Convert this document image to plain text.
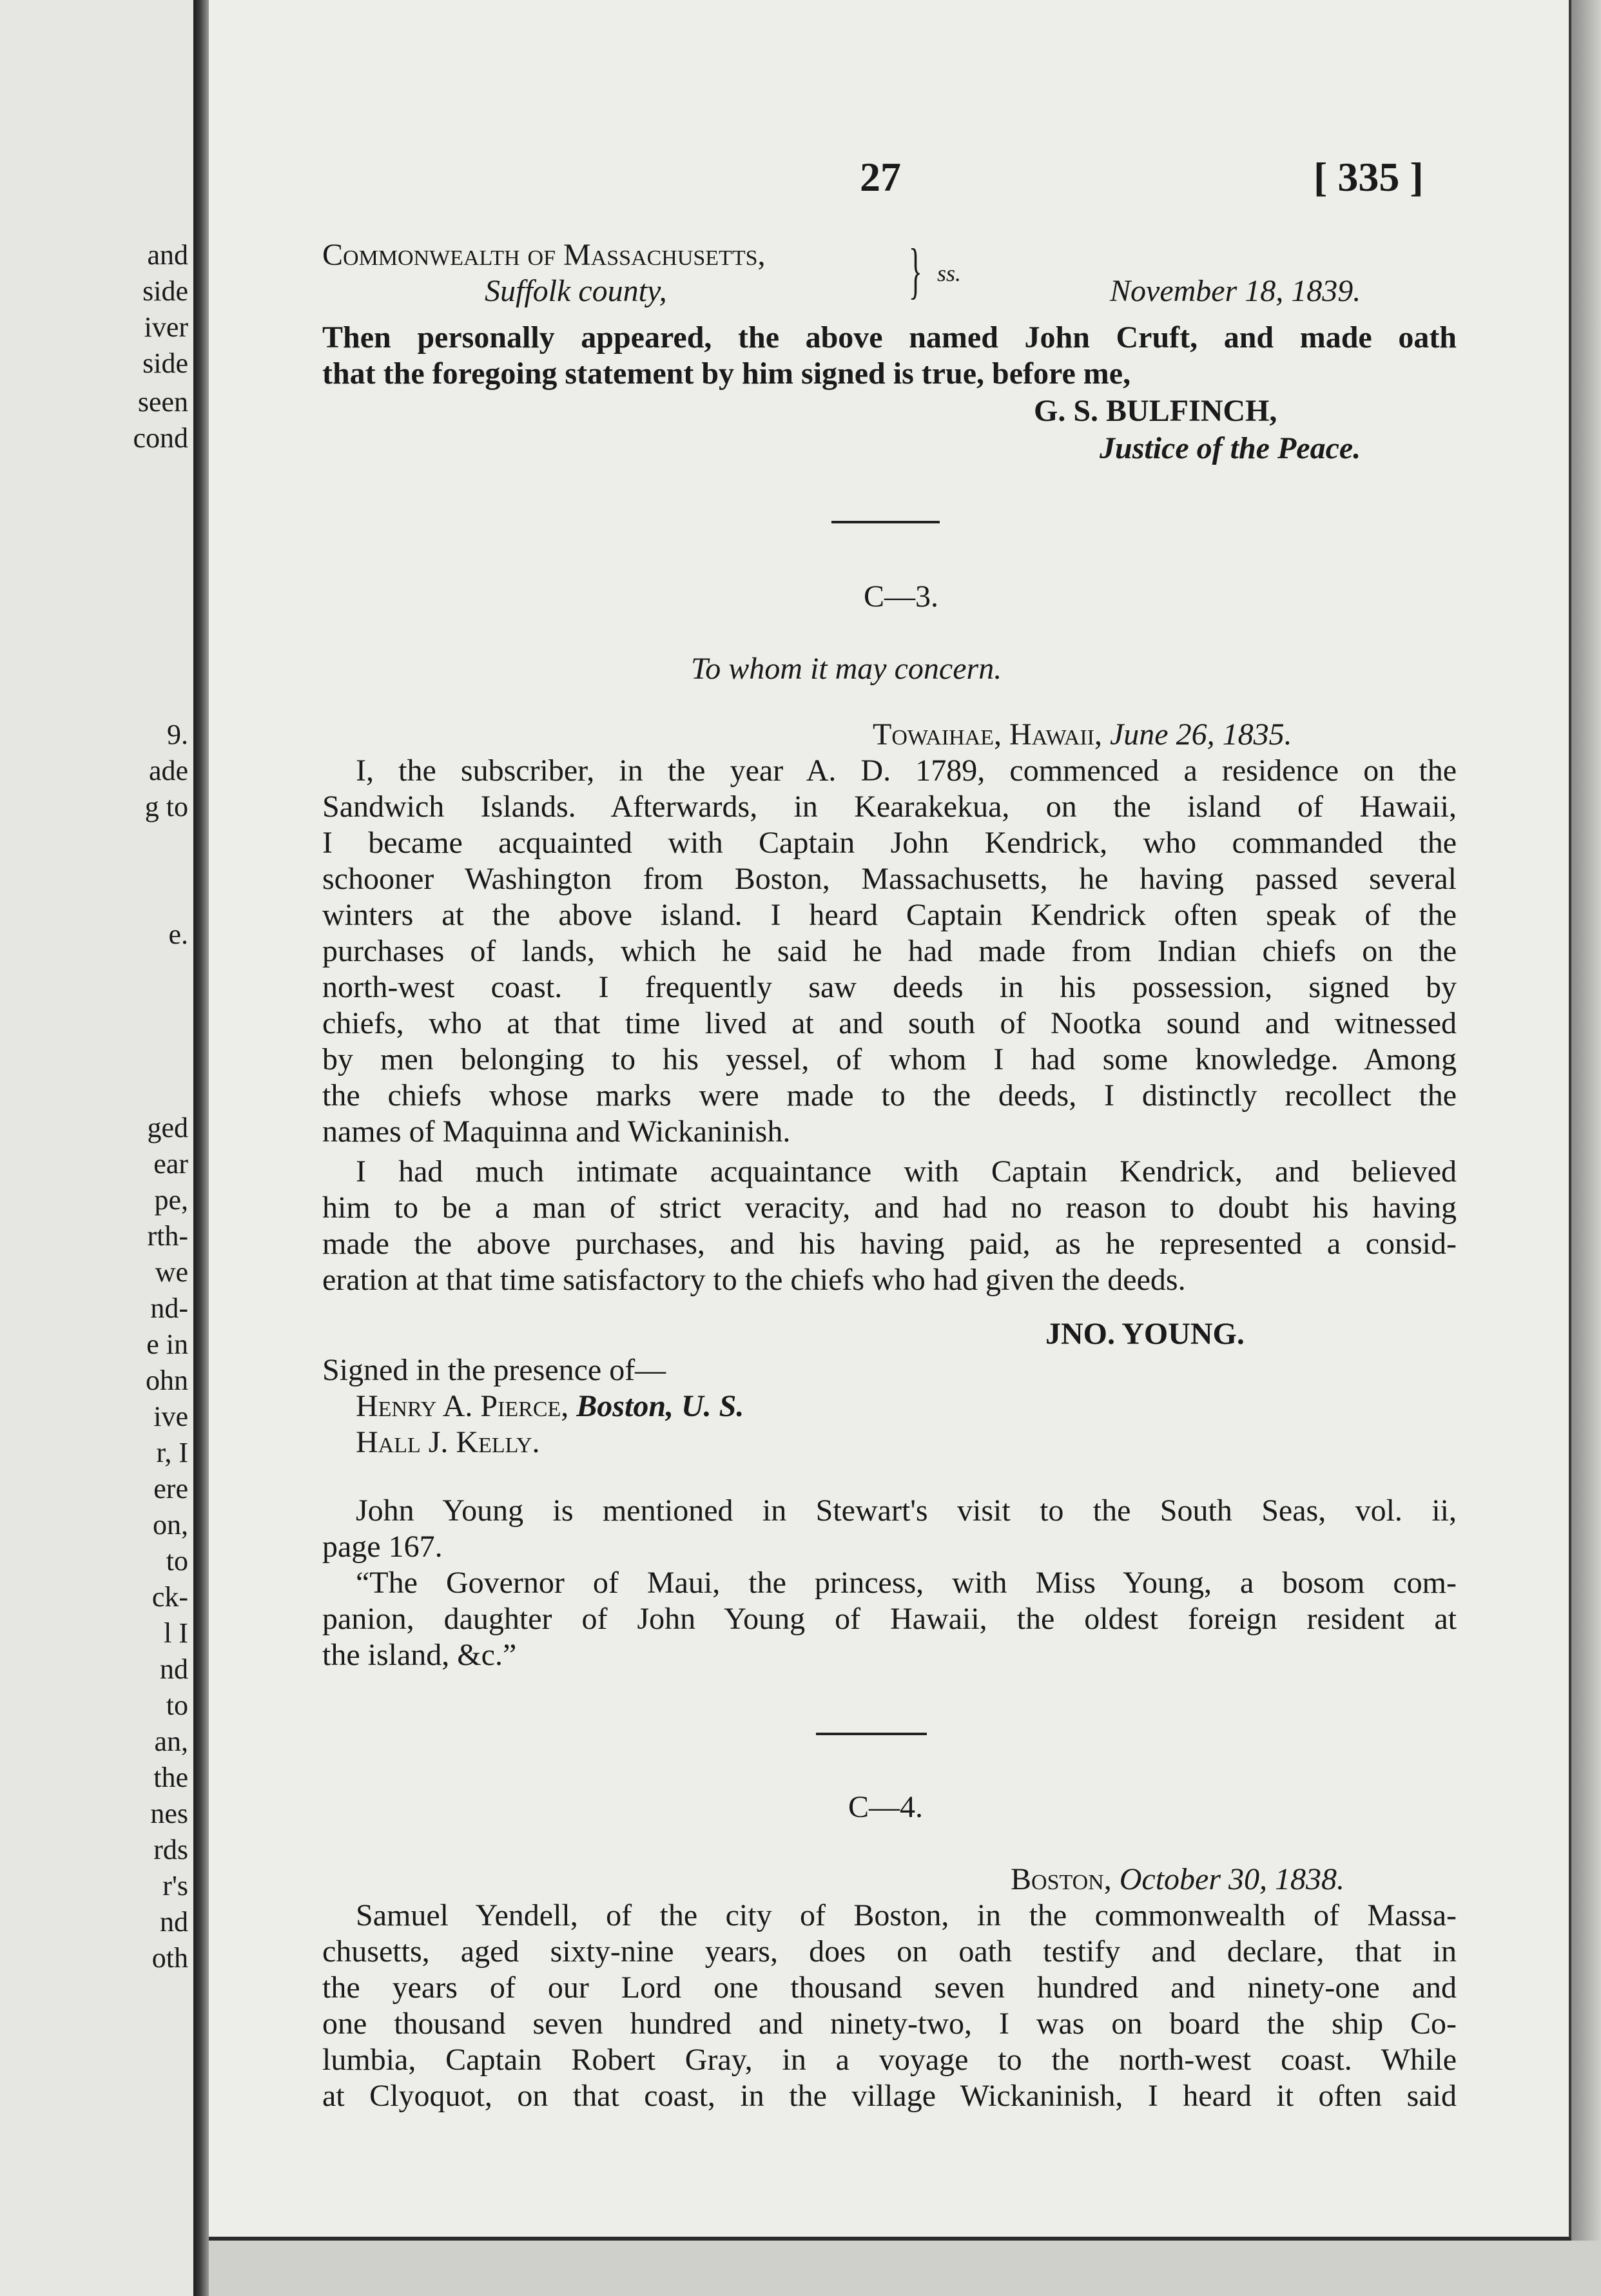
and
side
iver
side
seen
cond
9.
ade
g to
e.
ged
ear
pe,
rth-
we
nd-
e in
ohn
ive
r, I
ere
on,
to
ck-
l I
nd
to
an,
the
nes
rds
r's
nd
oth
27	[ 335 ]
Commonwealth of Massachusetts,
Suffolk county,	} ss.
November 18, 1839.
Then personally appeared, the above named John Cruft, and made oath
that the foregoing statement by him signed is true, before me,
G. S. BULFINCH,
Justice of the Peace.
C—3.
To whom it may concern.
Towaihae, Hawaii, June 26, 1835.
I, the subscriber, in the year A. D. 1789, commenced a residence on the
Sandwich Islands. Afterwards, in Kearakekua, on the island of Hawaii,
I became acquainted with Captain John Kendrick, who commanded the
schooner Washington from Boston, Massachusetts, he having passed several
winters at the above island. I heard Captain Kendrick often speak of the
purchases of lands, which he said he had made from Indian chiefs on the
north-west coast. I frequently saw deeds in his possession, signed by
chiefs, who at that time lived at and south of Nootka sound and witnessed
by men belonging to his yessel, of whom I had some knowledge. Among
the chiefs whose marks were made to the deeds, I distinctly recollect the
names of Maquinna and Wickaninish.
I had much intimate acquaintance with Captain Kendrick, and believed
him to be a man of strict veracity, and had no reason to doubt his having
made the above purchases, and his having paid, as he represented a consid-
eration at that time satisfactory to the chiefs who had given the deeds.
JNO. YOUNG.
Signed in the presence of—
Henry A. Pierce, Boston, U. S.
Hall J. Kelly.
John Young is mentioned in Stewart's visit to the South Seas, vol. ii,
page 167.
“The Governor of Maui, the princess, with Miss Young, a bosom com-
panion, daughter of John Young of Hawaii, the oldest foreign resident at
the island, &c.”
C—4.
Boston, October 30, 1838.
Samuel Yendell, of the city of Boston, in the commonwealth of Massa-
chusetts, aged sixty-nine years, does on oath testify and declare, that in
the years of our Lord one thousand seven hundred and ninety-one and
one thousand seven hundred and ninety-two, I was on board the ship Co-
lumbia, Captain Robert Gray, in a voyage to the north-west coast. While
at Clyoquot, on that coast, in the village Wickaninish, I heard it often said
